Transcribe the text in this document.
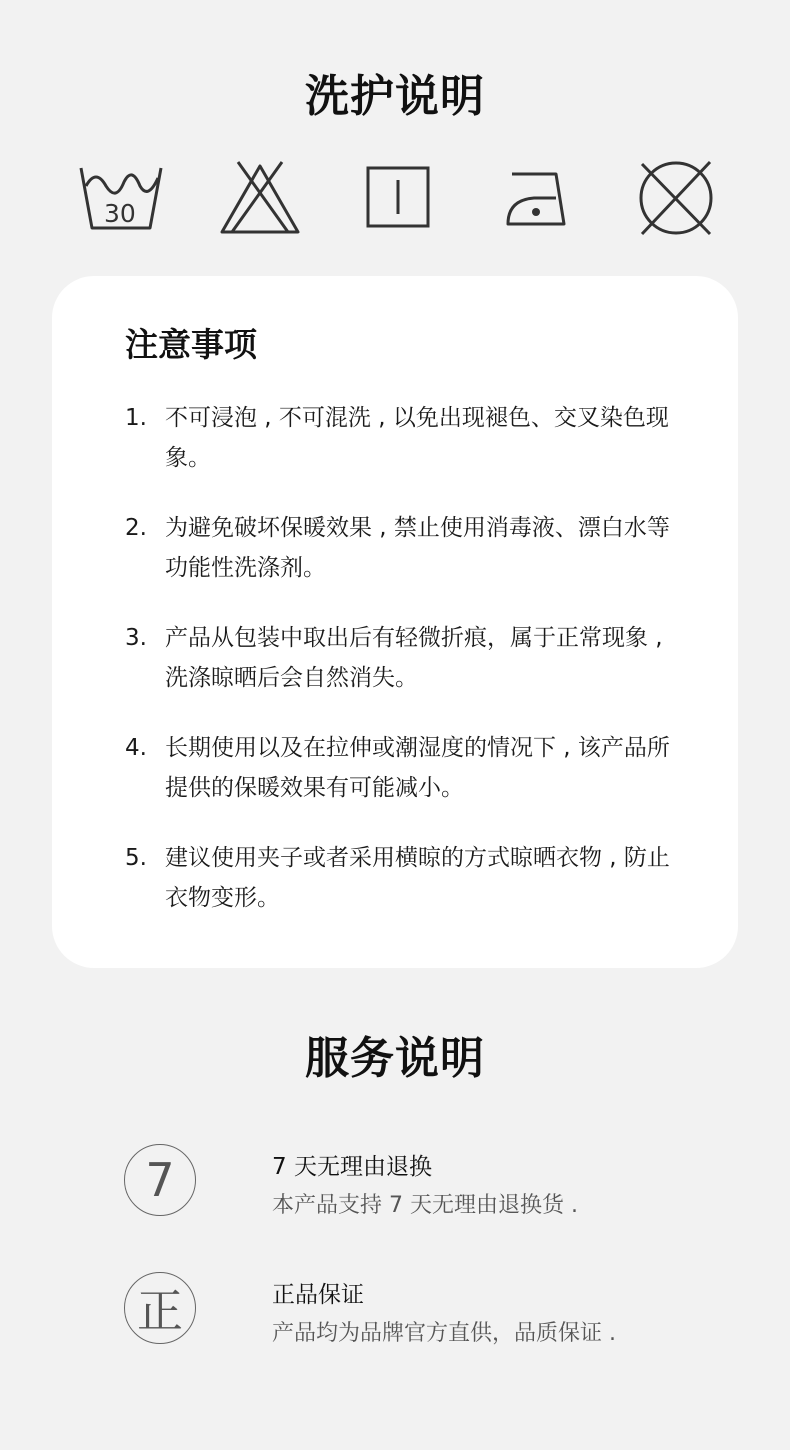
洗护说明
30
注意事项
1. 不可浸泡 , 不可混洗 , 以免出现褪色、交叉染色现象。
2. 为避免破坏保暖效果 , 禁止使用消毒液、漂白水等功能性洗涤剂。
3. 产品从包装中取出后有轻微折痕，属于正常现象 , 洗涤晾晒后会自然消失。
4. 长期使用以及在拉伸或潮湿度的情况下 , 该产品所提供的保暖效果有可能减小。
5. 建议使用夹子或者采用横晾的方式晾晒衣物 , 防止衣物变形。
服务说明
7	7 天无理由退换
本产品支持 7 天无理由退换货 .
正	正品保证
产品均为品牌官方直供，品质保证 .
